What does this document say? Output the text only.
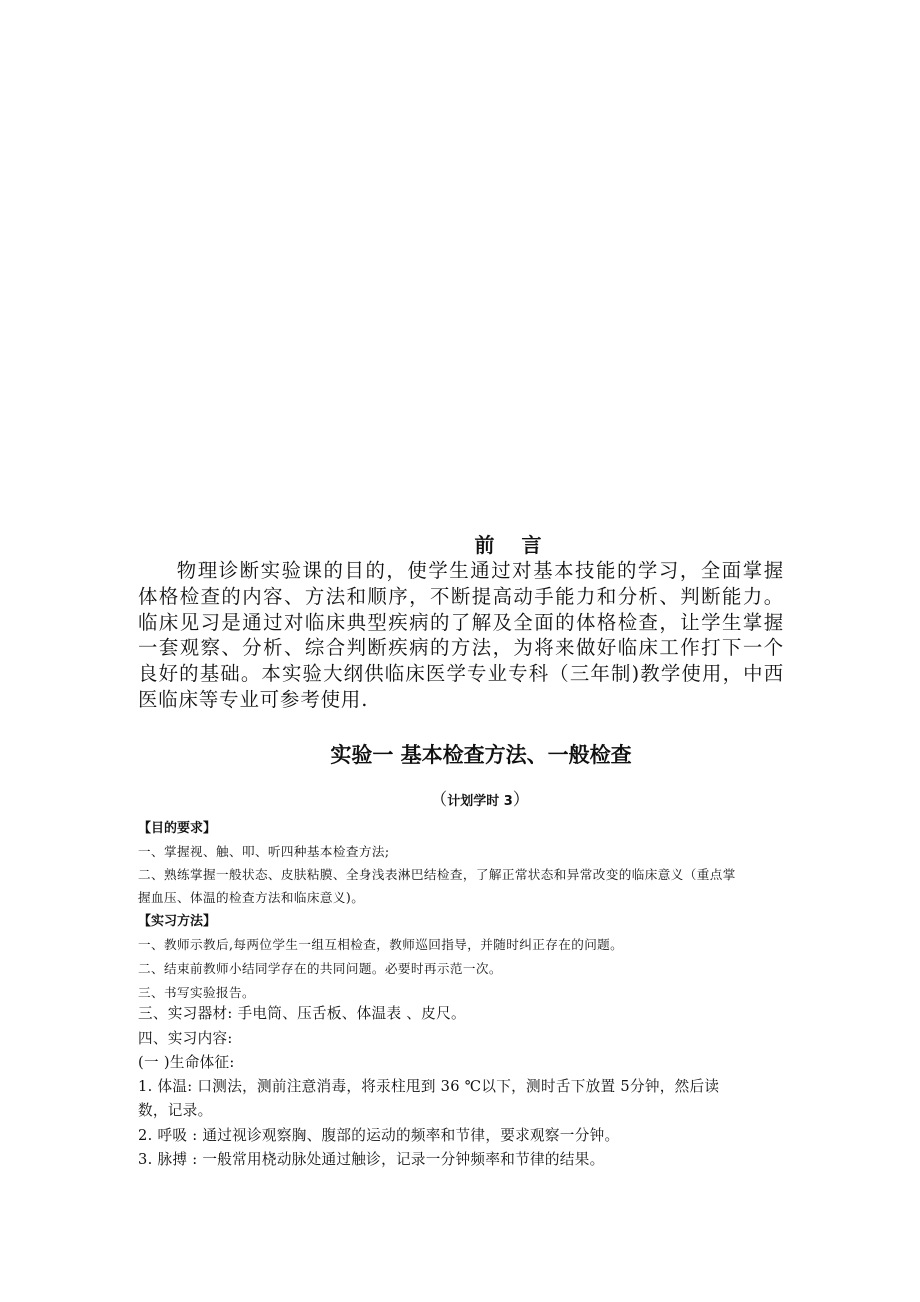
前 言

物理诊断实验课的目的，使学生通过对基本技能的学习，全面掌握体格检查的内容、方法和顺序，不断提高动手能力和分析、判断能力。临床见习是通过对临床典型疾病的了解及全面的体格检查，让学生掌握一套观察、分析、综合判断疾病的方法，为将来做好临床工作打下一个良好的基础。本实验大纲供临床医学专业专科（三年制)教学使用，中西医临床等专业可参考使用.

实验一 基本检查方法、一般检查
（计划学时 3）
【目的要求】
一、掌握视、触、叩、听四种基本检查方法;
二、熟练掌握一般状态、皮肤粘膜、全身浅表淋巴结检查，了解正常状态和异常改变的临床意义（重点掌
握血压、体温的检查方法和临床意义)。
【实习方法】
一、教师示教后,每两位学生一组互相检查，教师巡回指导，并随时纠正存在的问题。
二、结束前教师小结同学存在的共同问题。必要时再示范一次。
三、书写实验报告。
三、实习器材: 手电筒、压舌板、体温表 、皮尺。
四、实习内容:
(一 )生命体征:
1. 体温: 口测法，测前注意消毒，将汞柱甩到 36 ℃以下，测时舌下放置 5分钟，然后读
数，记录。
2. 呼吸 : 通过视诊观察胸、腹部的运动的频率和节律，要求观察一分钟。
3. 脉搏 : 一般常用桡动脉处通过触诊，记录一分钟频率和节律的结果。
